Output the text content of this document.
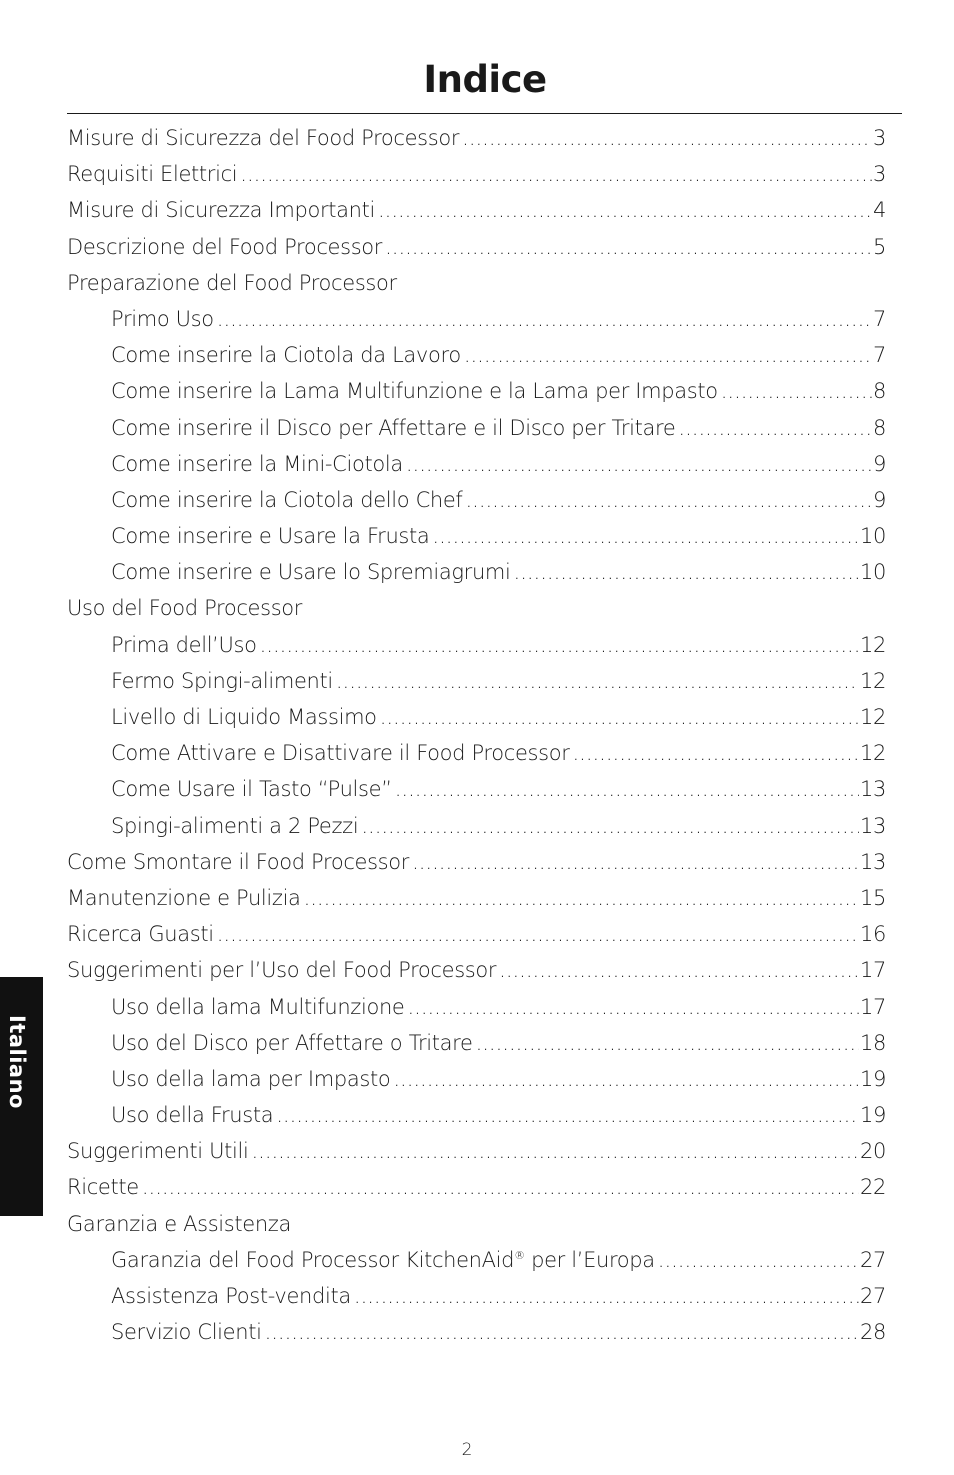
Indice
Misure di Sicurezza del Food Processor .....	3
Requisiti Elettrici .....	3
Misure di Sicurezza Importanti .....	4
Descrizione del Food Processor .....	5
Preparazione del Food Processor
Primo Uso .....	7
Come inserire la Ciotola da Lavoro .....	7
Come inserire la Lama Multifunzione e la Lama per Impasto .....	8
Come inserire il Disco per Affettare e il Disco per Tritare .....	8
Come inserire la Mini-Ciotola .....	9
Come inserire la Ciotola dello Chef .....	9
Come inserire e Usare la Frusta .....	10
Come inserire e Usare lo Spremiagrumi .....	10
Uso del Food Processor
Prima dell’Uso .....	12
Fermo Spingi-alimenti .....	12
Livello di Liquido Massimo .....	12
Come Attivare e Disattivare il Food Processor .....	12
Come Usare il Tasto “Pulse” .....	13
Spingi-alimenti a 2 Pezzi .....	13
Come Smontare il Food Processor .....	13
Manutenzione e Pulizia .....	15
Ricerca Guasti .....	16
Suggerimenti per l’Uso del Food Processor .....	17
Uso della lama Multifunzione .....	17
Uso del Disco per Affettare o Tritare .....	18
Uso della lama per Impasto .....	19
Uso della Frusta .....	19
Suggerimenti Utili .....	20
Ricette .....	22
Garanzia e Assistenza
Garanzia del Food Processor KitchenAid® per l’Europa .....	27
Assistenza Post-vendita .....	27
Servizio Clienti .....	28
Italiano
2
